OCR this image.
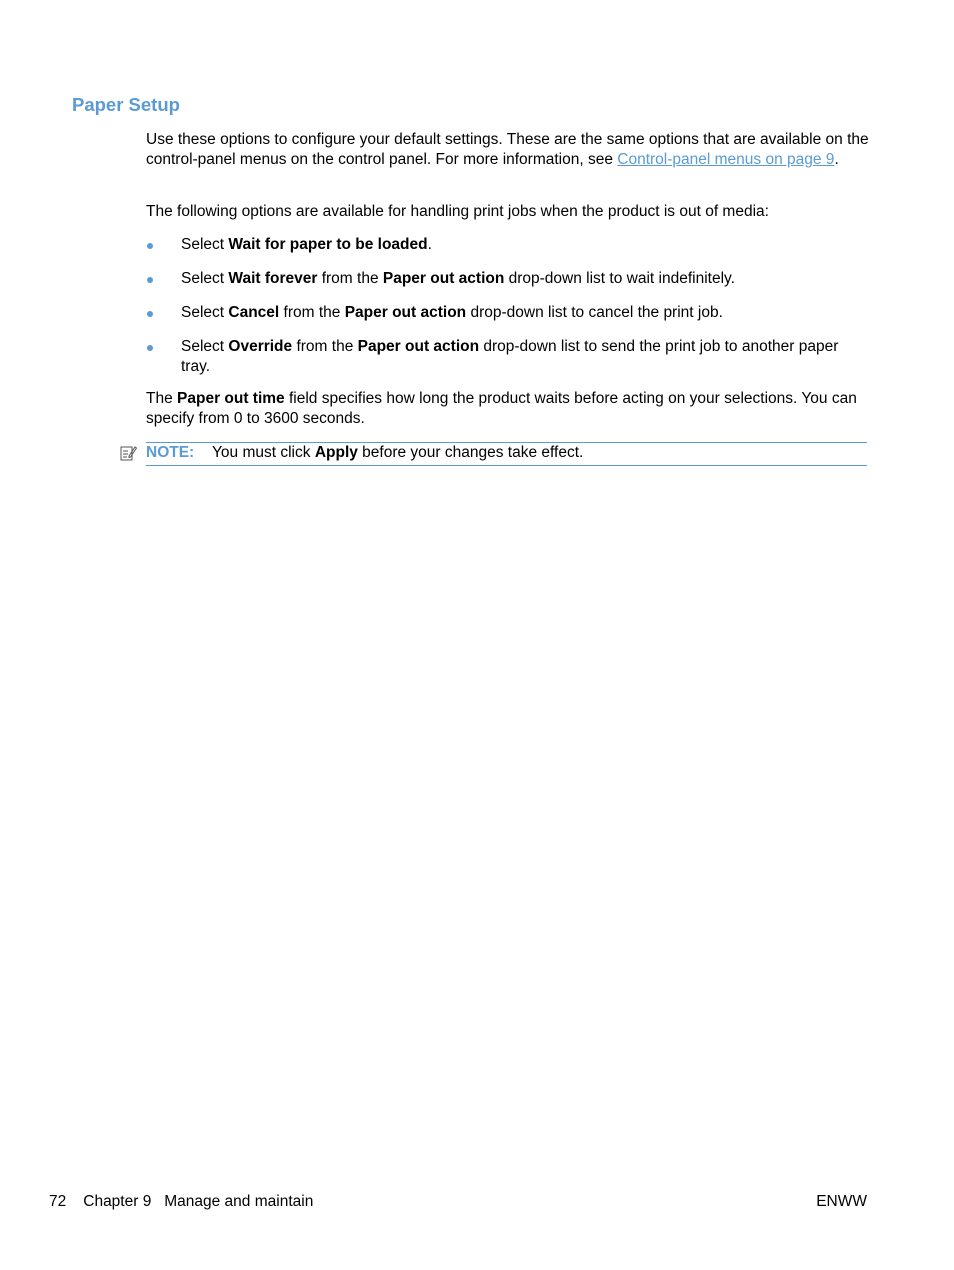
Paper Setup

Use these options to configure your default settings. These are the same options that are available on the control-panel menus on the control panel. For more information, see Control-panel menus on page 9.

The following options are available for handling print jobs when the product is out of media:

Select Wait for paper to be loaded.
Select Wait forever from the Paper out action drop-down list to wait indefinitely.
Select Cancel from the Paper out action drop-down list to cancel the print job.
Select Override from the Paper out action drop-down list to send the print job to another paper tray.

The Paper out time field specifies how long the product waits before acting on your selections. You can specify from 0 to 3600 seconds.

NOTE: You must click Apply before your changes take effect.
72 Chapter 9   Manage and maintain	ENWW
